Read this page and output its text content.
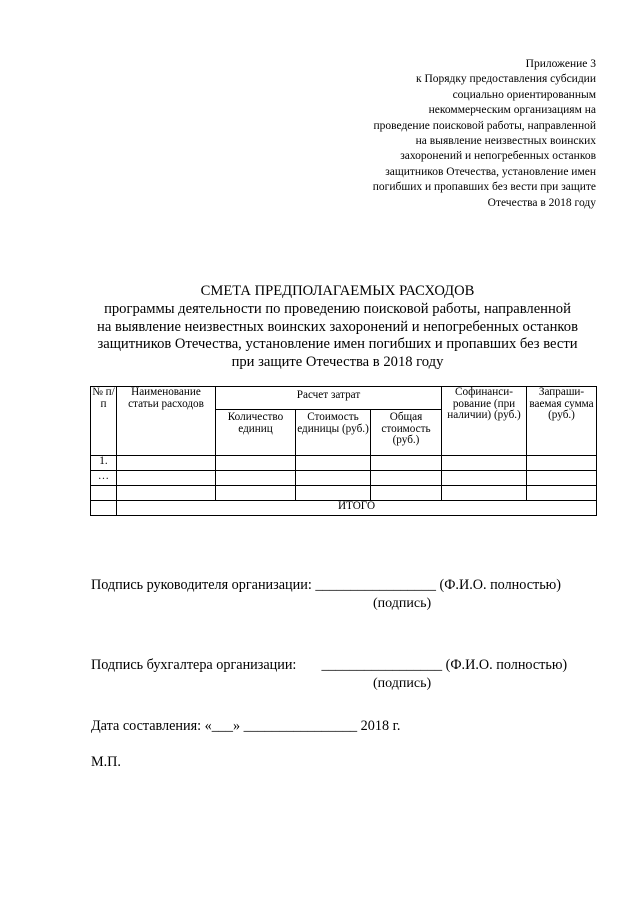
Приложение 3
к Порядку предоставления субсидии
социально ориентированным
некоммерческим организациям на
проведение поисковой работы, направленной
на выявление неизвестных воинских
захоронений и непогребенных останков
защитников Отечества, установление имен
погибших и пропавших без вести при защите
Отечества в 2018 году
СМЕТА ПРЕДПОЛАГАЕМЫХ РАСХОДОВ
программы деятельности по проведению поисковой работы, направленной
на выявление неизвестных воинских захоронений и непогребенных останков
защитников Отечества, установление имен погибших и пропавших без вести
при защите Отечества в 2018 году
№ п/п	Наименование статьи расходов	Расчет затрат			Софинанси-рование (при наличии) (руб.)	Запраши-ваемая сумма (руб.)
		Количество единиц	Стоимость единицы (руб.)	Общая стоимость (руб.)		
1.						
…						

	ИТОГО					
Подпись руководителя организации: _________________ (Ф.И.О. полностью)
(подпись)
Подпись бухгалтера организации: _________________ (Ф.И.О. полностью)
(подпись)
Дата составления: «___» ________________ 2018 г.
М.П.
